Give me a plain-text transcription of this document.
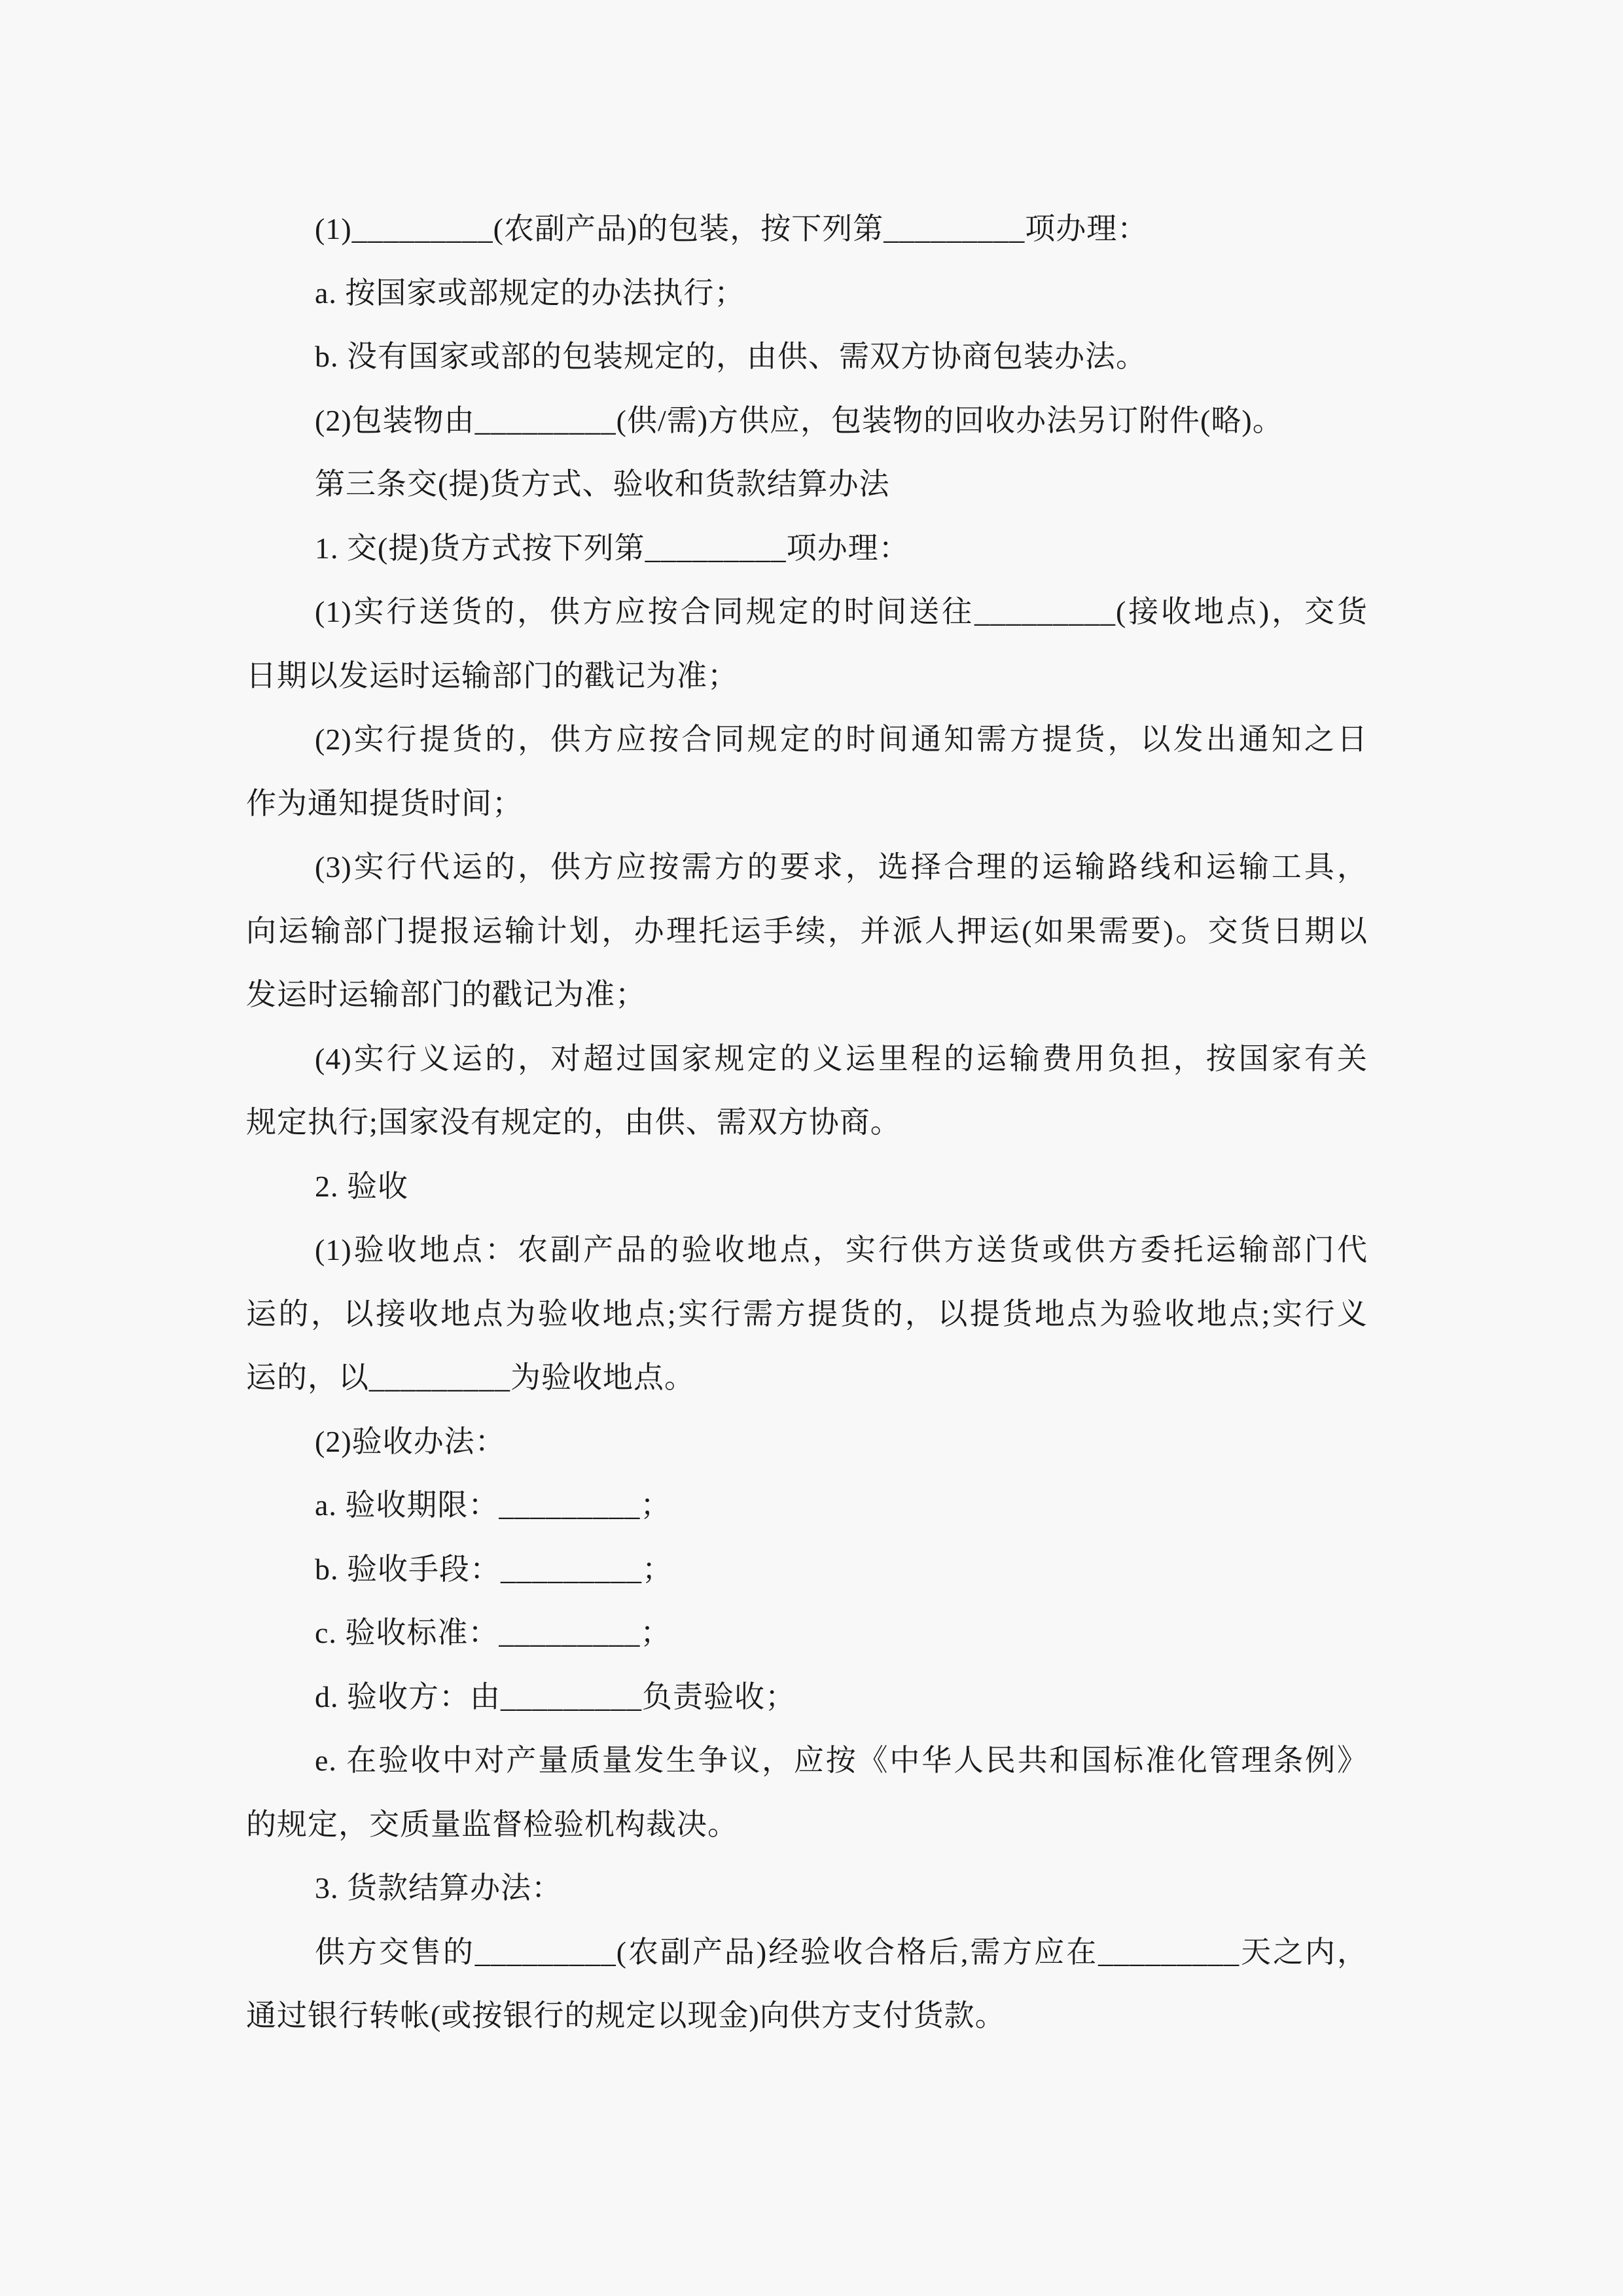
(1)_________(农副产品)的包装，按下列第_________项办理：
a. 按国家或部规定的办法执行；
b. 没有国家或部的包装规定的，由供、需双方协商包装办法。
(2)包装物由_________(供/需)方供应，包装物的回收办法另订附件(略)。
第三条交(提)货方式、验收和货款结算办法
1. 交(提)货方式按下列第_________项办理：
(1)实行送货的，供方应按合同规定的时间送往_________(接收地点)，交货
日期以发运时运输部门的戳记为准；
(2)实行提货的，供方应按合同规定的时间通知需方提货，以发出通知之日
作为通知提货时间；
(3)实行代运的，供方应按需方的要求，选择合理的运输路线和运输工具，
向运输部门提报运输计划，办理托运手续，并派人押运(如果需要)。交货日期以
发运时运输部门的戳记为准；
(4)实行义运的，对超过国家规定的义运里程的运输费用负担，按国家有关
规定执行;国家没有规定的，由供、需双方协商。
2. 验收
(1)验收地点：农副产品的验收地点，实行供方送货或供方委托运输部门代
运的，以接收地点为验收地点;实行需方提货的，以提货地点为验收地点;实行义
运的，以_________为验收地点。
(2)验收办法：
a. 验收期限：_________；
b. 验收手段：_________；
c. 验收标准：_________；
d. 验收方：由_________负责验收；
e. 在验收中对产量质量发生争议，应按《中华人民共和国标准化管理条例》
的规定，交质量监督检验机构裁决。
3. 货款结算办法：
供方交售的_________(农副产品)经验收合格后,需方应在_________天之内，
通过银行转帐(或按银行的规定以现金)向供方支付货款。
